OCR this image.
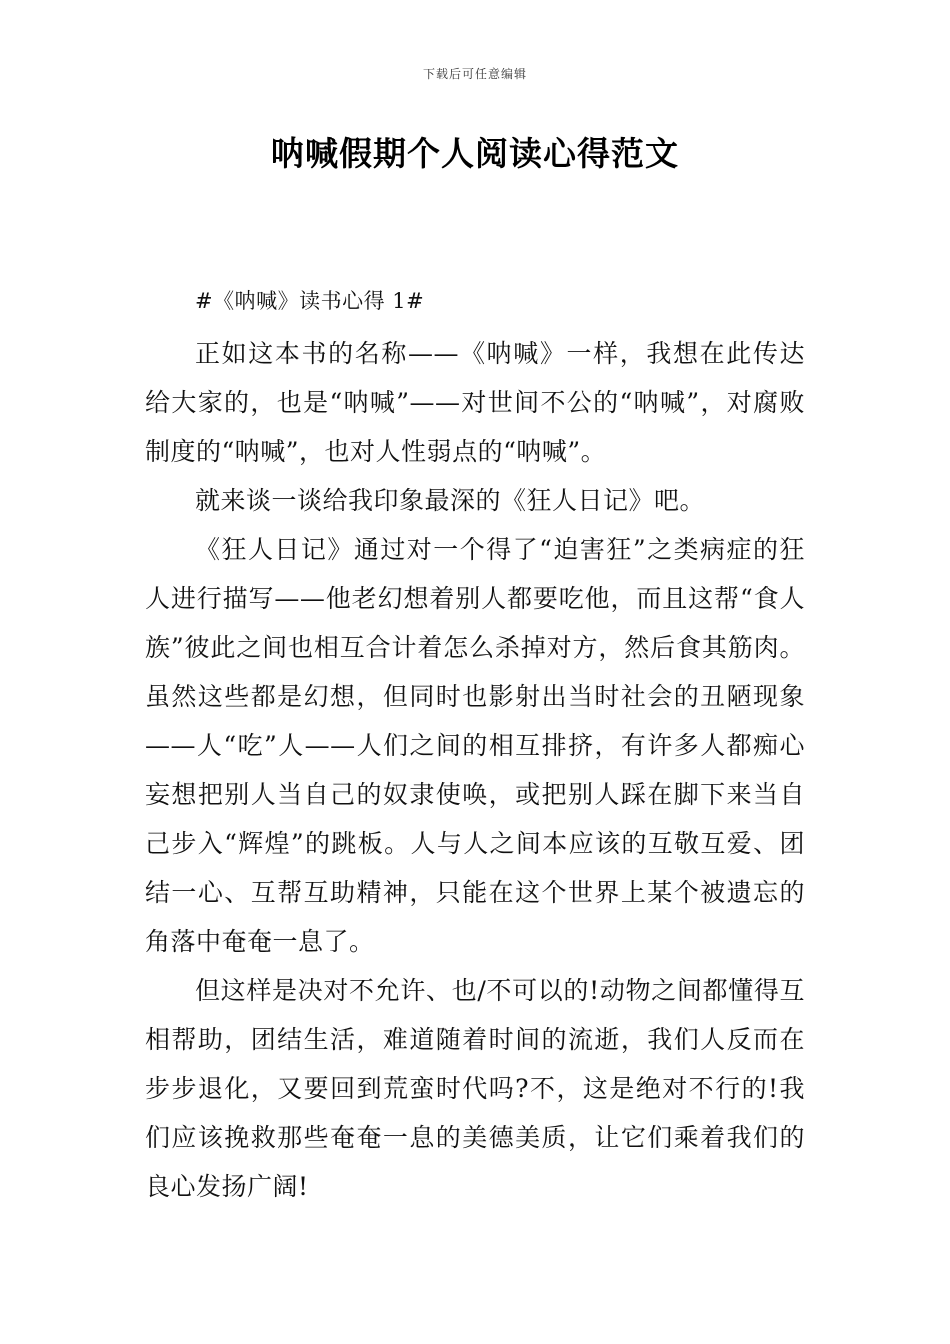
下载后可任意编辑
呐喊假期个人阅读心得范文

#《呐喊》读书心得 1#

正如这本书的名称——《呐喊》一样，我想在此传达给大家的，也是“呐喊”——对世间不公的“呐喊”，对腐败制度的“呐喊”，也对人性弱点的“呐喊”。

就来谈一谈给我印象最深的《狂人日记》吧。

《狂人日记》通过对一个得了“迫害狂”之类病症的狂人进行描写——他老幻想着别人都要吃他，而且这帮“食人族”彼此之间也相互合计着怎么杀掉对方，然后食其筋肉。虽然这些都是幻想，但同时也影射出当时社会的丑陋现象——人“吃”人——人们之间的相互排挤，有许多人都痴心妄想把别人当自己的奴隶使唤，或把别人踩在脚下来当自己步入“辉煌”的跳板。人与人之间本应该的互敬互爱、团结一心、互帮互助精神，只能在这个世界上某个被遗忘的角落中奄奄一息了。

但这样是决对不允许、也/不可以的!动物之间都懂得互相帮助，团结生活，难道随着时间的流逝，我们人反而在步步退化，又要回到荒蛮时代吗?不，这是绝对不行的!我们应该挽救那些奄奄一息的美德美质，让它们乘着我们的良心发扬广阔!
